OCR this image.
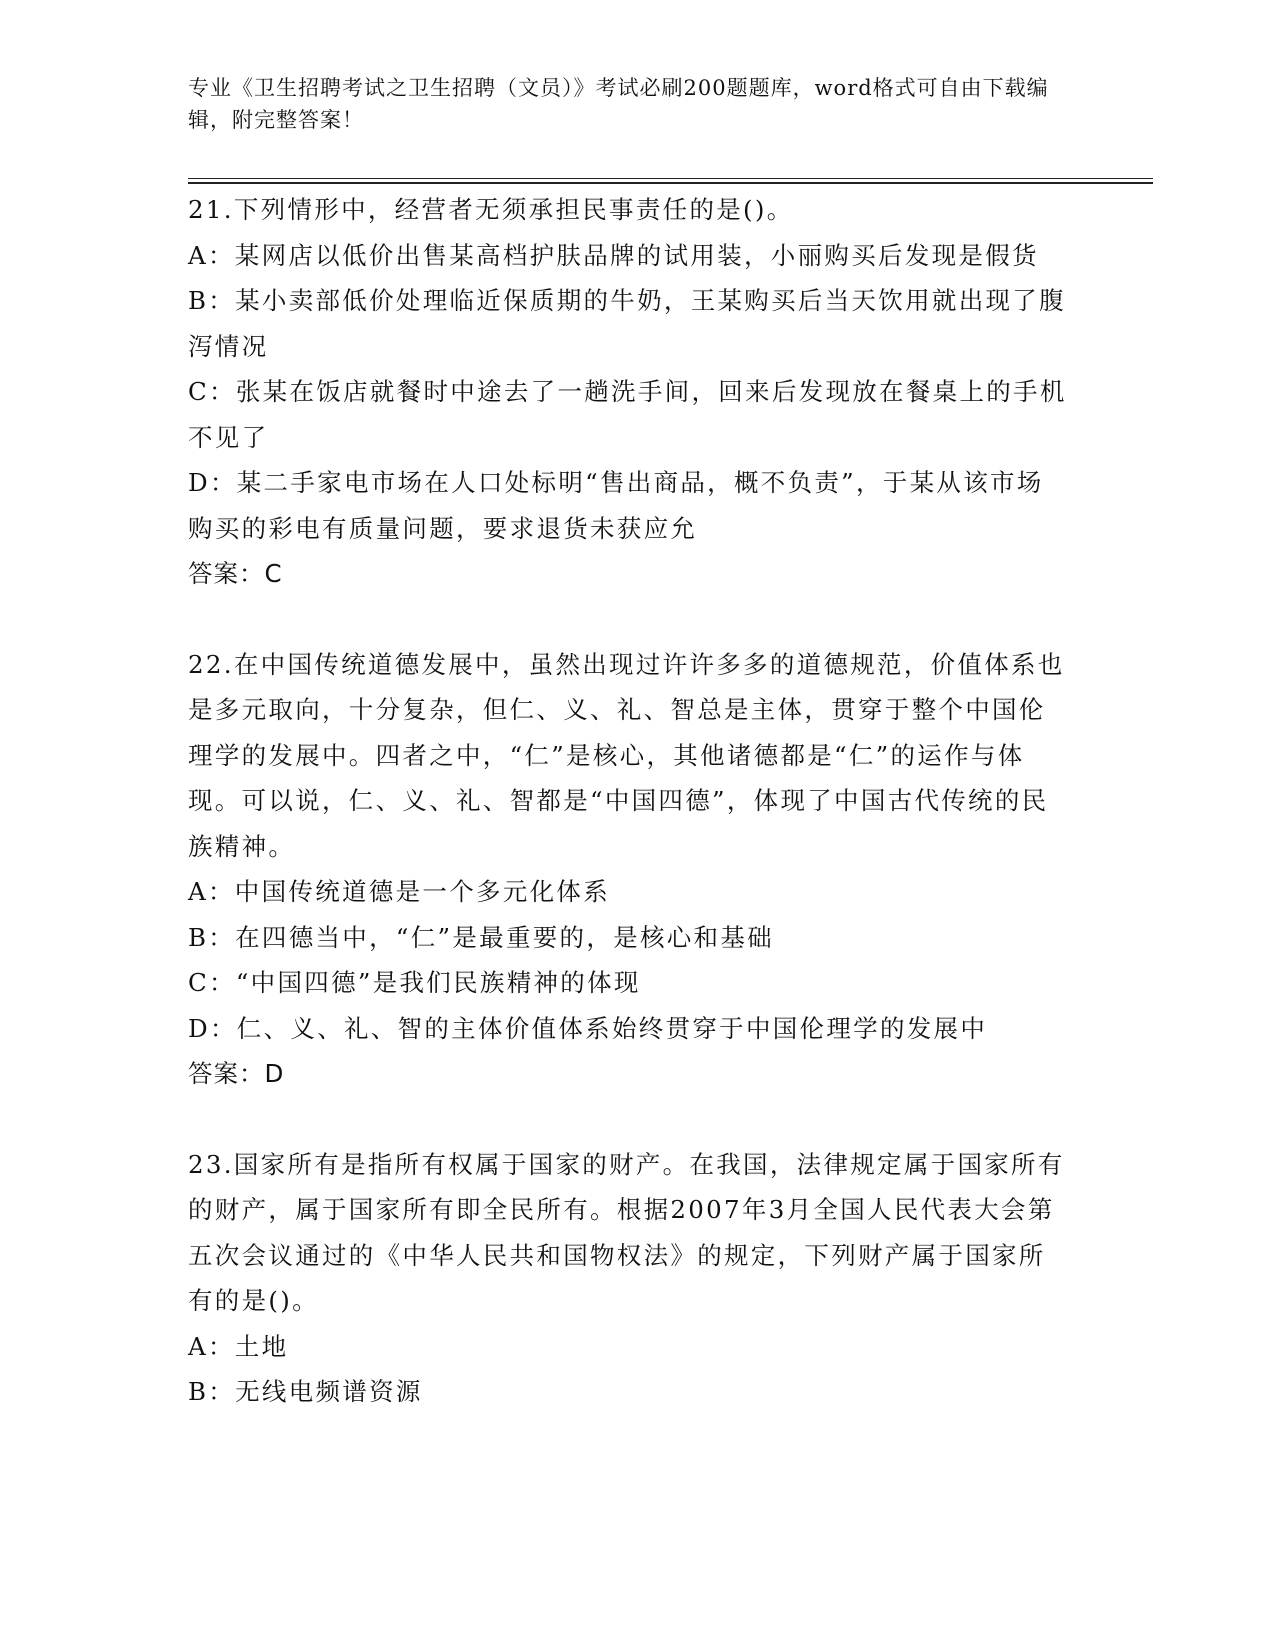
专业《卫生招聘考试之卫生招聘（文员）》考试必刷200题题库，word格式可自由下载编辑，附完整答案！

21.下列情形中，经营者无须承担民事责任的是()。

A：某网店以低价出售某高档护肤品牌的试用装，小丽购买后发现是假货

B：某小卖部低价处理临近保质期的牛奶，王某购买后当天饮用就出现了腹泻情况

C：张某在饭店就餐时中途去了一趟洗手间，回来后发现放在餐桌上的手机不见了

D：某二手家电市场在人口处标明“售出商品，概不负责”，于某从该市场购买的彩电有质量问题，要求退货未获应允

答案：C

22.在中国传统道德发展中，虽然出现过许许多多的道德规范，价值体系也是多元取向，十分复杂，但仁、义、礼、智总是主体，贯穿于整个中国伦理学的发展中。四者之中，“仁”是核心，其他诸德都是“仁”的运作与体现。可以说，仁、义、礼、智都是“中国四德”，体现了中国古代传统的民族精神。

A：中国传统道德是一个多元化体系

B：在四德当中，“仁”是最重要的，是核心和基础

C：“中国四德”是我们民族精神的体现

D：仁、义、礼、智的主体价值体系始终贯穿于中国伦理学的发展中

答案：D

23.国家所有是指所有权属于国家的财产。在我国，法律规定属于国家所有的财产，属于国家所有即全民所有。根据2007年3月全国人民代表大会第五次会议通过的《中华人民共和国物权法》的规定，下列财产属于国家所有的是()。

A：土地

B：无线电频谱资源
